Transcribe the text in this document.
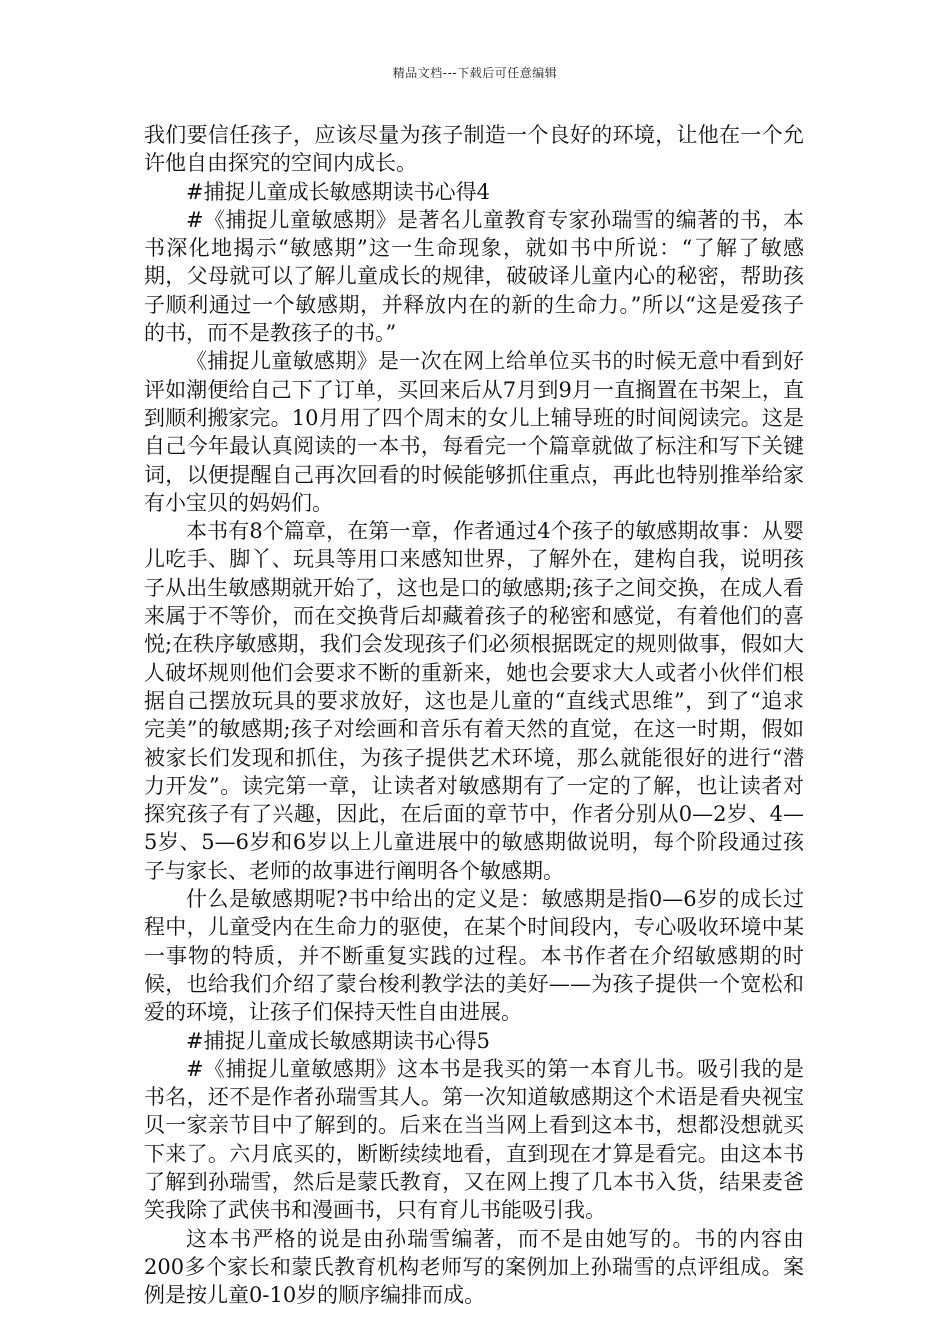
精品文档---下载后可任意编辑

我们要信任孩子，应该尽量为孩子制造一个良好的环境，让他在一个允许他自由探究的空间内成长。

#捕捉儿童成长敏感期读书心得4

#《捕捉儿童敏感期》是著名儿童教育专家孙瑞雪的编著的书，本书深化地揭示“敏感期”这一生命现象，就如书中所说：“了解了敏感期，父母就可以了解儿童成长的规律，破破译儿童内心的秘密，帮助孩子顺利通过一个敏感期，并释放内在的新的生命力。”所以“这是爱孩子的书，而不是教孩子的书。”

《捕捉儿童敏感期》是一次在网上给单位买书的时候无意中看到好评如潮便给自己下了订单，买回来后从7月到9月一直搁置在书架上，直到顺利搬家完。10月用了四个周末的女儿上辅导班的时间阅读完。这是自己今年最认真阅读的一本书，每看完一个篇章就做了标注和写下关键词，以便提醒自己再次回看的时候能够抓住重点，再此也特别推举给家有小宝贝的妈妈们。

本书有8个篇章，在第一章，作者通过4个孩子的敏感期故事：从婴儿吃手、脚丫、玩具等用口来感知世界，了解外在，建构自我，说明孩子从出生敏感期就开始了，这也是口的敏感期;孩子之间交换，在成人看来属于不等价，而在交换背后却藏着孩子的秘密和感觉，有着他们的喜悦;在秩序敏感期，我们会发现孩子们必须根据既定的规则做事，假如大人破坏规则他们会要求不断的重新来，她也会要求大人或者小伙伴们根据自己摆放玩具的要求放好，这也是儿童的“直线式思维”，到了“追求完美”的敏感期;孩子对绘画和音乐有着天然的直觉，在这一时期，假如被家长们发现和抓住，为孩子提供艺术环境，那么就能很好的进行“潜力开发”。读完第一章，让读者对敏感期有了一定的了解，也让读者对探究孩子有了兴趣，因此，在后面的章节中，作者分别从0—2岁、4—5岁、5—6岁和6岁以上儿童进展中的敏感期做说明，每个阶段通过孩子与家长、老师的故事进行阐明各个敏感期。

什么是敏感期呢?书中给出的定义是：敏感期是指0—6岁的成长过程中，儿童受内在生命力的驱使，在某个时间段内，专心吸收环境中某一事物的特质，并不断重复实践的过程。本书作者在介绍敏感期的时候，也给我们介绍了蒙台梭利教学法的美好——为孩子提供一个宽松和爱的环境，让孩子们保持天性自由进展。

#捕捉儿童成长敏感期读书心得5

#《捕捉儿童敏感期》这本书是我买的第一本育儿书。吸引我的是书名，还不是作者孙瑞雪其人。第一次知道敏感期这个术语是看央视宝贝一家亲节目中了解到的。后来在当当网上看到这本书，想都没想就买下来了。六月底买的，断断续续地看，直到现在才算是看完。由这本书了解到孙瑞雪，然后是蒙氏教育，又在网上搜了几本书入货，结果麦爸笑我除了武侠书和漫画书，只有育儿书能吸引我。

这本书严格的说是由孙瑞雪编著，而不是由她写的。书的内容由200多个家长和蒙氏教育机构老师写的案例加上孙瑞雪的点评组成。案例是按儿童0-10岁的顺序编排而成。
